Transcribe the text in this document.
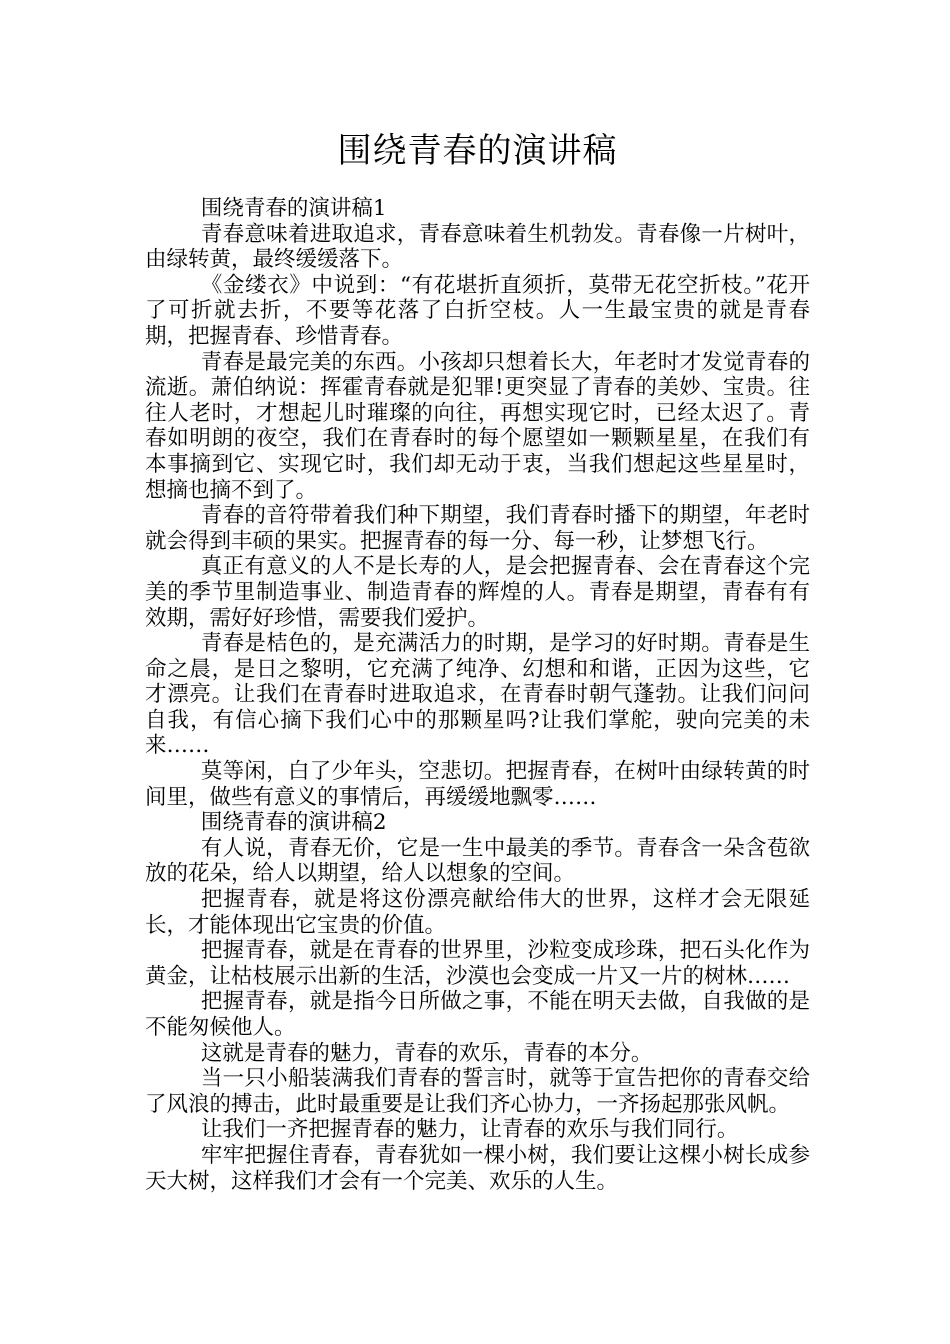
围绕青春的演讲稿

围绕青春的演讲稿1

青春意味着进取追求，青春意味着生机勃发。青春像一片树叶，由绿转黄，最终缓缓落下。

《金缕衣》中说到：“有花堪折直须折，莫带无花空折枝。”花开了可折就去折，不要等花落了白折空枝。人一生最宝贵的就是青春期，把握青春、珍惜青春。

青春是最完美的东西。小孩却只想着长大，年老时才发觉青春的流逝。萧伯纳说：挥霍青春就是犯罪!更突显了青春的美妙、宝贵。往往人老时，才想起儿时璀璨的向往，再想实现它时，已经太迟了。青春如明朗的夜空，我们在青春时的每个愿望如一颗颗星星，在我们有本事摘到它、实现它时，我们却无动于衷，当我们想起这些星星时，想摘也摘不到了。

青春的音符带着我们种下期望，我们青春时播下的期望，年老时就会得到丰硕的果实。把握青春的每一分、每一秒，让梦想飞行。

真正有意义的人不是长寿的人，是会把握青春、会在青春这个完美的季节里制造事业、制造青春的辉煌的人。青春是期望，青春有有效期，需好好珍惜，需要我们爱护。

青春是桔色的，是充满活力的时期，是学习的好时期。青春是生命之晨，是日之黎明，它充满了纯净、幻想和和谐，正因为这些，它才漂亮。让我们在青春时进取追求，在青春时朝气蓬勃。让我们问问自我，有信心摘下我们心中的那颗星吗?让我们掌舵，驶向完美的未来……

莫等闲，白了少年头，空悲切。把握青春，在树叶由绿转黄的时间里，做些有意义的事情后，再缓缓地飘零……

围绕青春的演讲稿2

有人说，青春无价，它是一生中最美的季节。青春含一朵含苞欲放的花朵，给人以期望，给人以想象的空间。

把握青春，就是将这份漂亮献给伟大的世界，这样才会无限延长，才能体现出它宝贵的价值。

把握青春，就是在青春的世界里，沙粒变成珍珠，把石头化作为黄金，让枯枝展示出新的生活，沙漠也会变成一片又一片的树林……

把握青春，就是指今日所做之事，不能在明天去做，自我做的是不能匆候他人。

这就是青春的魅力，青春的欢乐，青春的本分。

当一只小船装满我们青春的誓言时，就等于宣告把你的青春交给了风浪的搏击，此时最重要是让我们齐心协力，一齐扬起那张风帆。

让我们一齐把握青春的魅力，让青春的欢乐与我们同行。

牢牢把握住青春，青春犹如一棵小树，我们要让这棵小树长成参天大树，这样我们才会有一个完美、欢乐的人生。
